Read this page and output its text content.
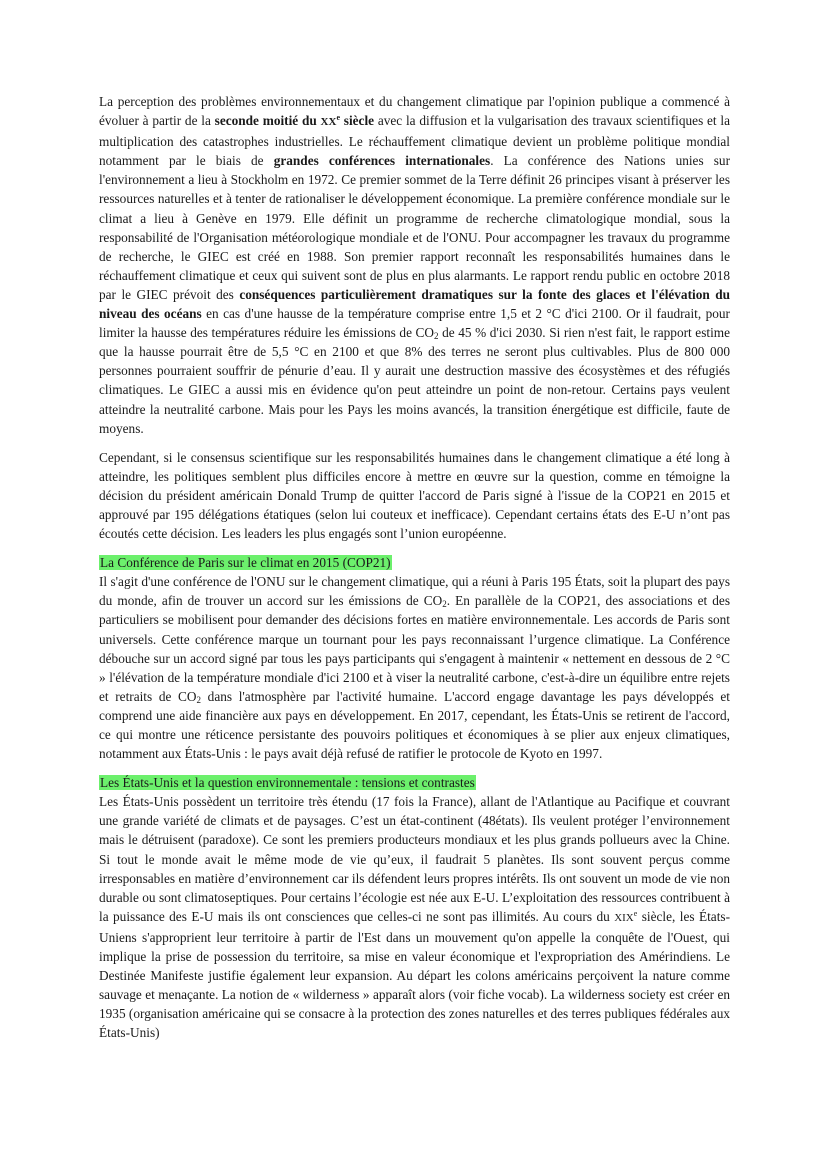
La perception des problèmes environnementaux et du changement climatique par l'opinion publique a commencé à évoluer à partir de la seconde moitié du XXe siècle avec la diffusion et la vulgarisation des travaux scientifiques et la multiplication des catastrophes industrielles. Le réchauffement climatique devient un problème politique mondial notamment par le biais de grandes conférences internationales. La conférence des Nations unies sur l'environnement a lieu à Stockholm en 1972. Ce premier sommet de la Terre définit 26 principes visant à préserver les ressources naturelles et à tenter de rationaliser le développement économique. La première conférence mondiale sur le climat a lieu à Genève en 1979. Elle définit un programme de recherche climatologique mondial, sous la responsabilité de l'Organisation météorologique mondiale et de l'ONU. Pour accompagner les travaux du programme de recherche, le GIEC est créé en 1988. Son premier rapport reconnaît les responsabilités humaines dans le réchauffement climatique et ceux qui suivent sont de plus en plus alarmants. Le rapport rendu public en octobre 2018 par le GIEC prévoit des conséquences particulièrement dramatiques sur la fonte des glaces et l'élévation du niveau des océans en cas d'une hausse de la température comprise entre 1,5 et 2 °C d'ici 2100. Or il faudrait, pour limiter la hausse des températures réduire les émissions de $CO_2$ de 45 % d'ici 2030. Si rien n'est fait, le rapport estime que la hausse pourrait être de 5,5 °C en 2100 et que 8% des terres ne seront plus cultivables. Plus de 800 000 personnes pourraient souffrir de pénurie d’eau. Il y aurait une destruction massive des écosystèmes et des réfugiés climatiques. Le GIEC a aussi mis en évidence qu'on peut atteindre un point de non-retour. Certains pays veulent atteindre la neutralité carbone. Mais pour les Pays les moins avancés, la transition énergétique est difficile, faute de moyens.

Cependant, si le consensus scientifique sur les responsabilités humaines dans le changement climatique a été long à atteindre, les politiques semblent plus difficiles encore à mettre en œuvre sur la question, comme en témoigne la décision du président américain Donald Trump de quitter l'accord de Paris signé à l'issue de la COP21 en 2015 et approuvé par 195 délégations étatiques (selon lui couteux et inefficace). Cependant certains états des E-U n’ont pas écoutés cette décision. Les leaders les plus engagés sont l’union européenne.

La Conférence de Paris sur le climat en 2015 (COP21)

Il s'agit d'une conférence de l'ONU sur le changement climatique, qui a réuni à Paris 195 États, soit la plupart des pays du monde, afin de trouver un accord sur les émissions de $CO_2$. En parallèle de la COP21, des associations et des particuliers se mobilisent pour demander des décisions fortes en matière environnementale. Les accords de Paris sont universels. Cette conférence marque un tournant pour les pays reconnaissant l’urgence climatique. La Conférence débouche sur un accord signé par tous les pays participants qui s'engagent à maintenir « nettement en dessous de 2 °C » l'élévation de la température mondiale d'ici 2100 et à viser la neutralité carbone, c'est-à-dire un équilibre entre rejets et retraits de $CO_2$ dans l'atmosphère par l'activité humaine. L'accord engage davantage les pays développés et comprend une aide financière aux pays en développement. En 2017, cependant, les États-Unis se retirent de l'accord, ce qui montre une réticence persistante des pouvoirs politiques et économiques à se plier aux enjeux climatiques, notamment aux États-Unis : le pays avait déjà refusé de ratifier le protocole de Kyoto en 1997.

Les États-Unis et la question environnementale : tensions et contrastes

Les États-Unis possèdent un territoire très étendu (17 fois la France), allant de l'Atlantique au Pacifique et couvrant une grande variété de climats et de paysages. C’est un état-continent (48états). Ils veulent protéger l’environnement mais le détruisent (paradoxe). Ce sont les premiers producteurs mondiaux et les plus grands pollueurs avec la Chine. Si tout le monde avait le même mode de vie qu’eux, il faudrait 5 planètes. Ils sont souvent perçus comme irresponsables en matière d’environnement car ils défendent leurs propres intérêts. Ils ont souvent un mode de vie non durable ou sont climatoseptiques. Pour certains l’écologie est née aux E-U. L’exploitation des ressources contribuent à la puissance des E-U mais ils ont consciences que celles-ci ne sont pas illimités. Au cours du XIXe siècle, les États-Uniens s'approprient leur territoire à partir de l'Est dans un mouvement qu'on appelle la conquête de l'Ouest, qui implique la prise de possession du territoire, sa mise en valeur économique et l'expropriation des Amérindiens. Le Destinée Manifeste justifie également leur expansion. Au départ les colons américains perçoivent la nature comme sauvage et menaçante. La notion de « wilderness » apparaît alors (voir fiche vocab). La wilderness society est créer en 1935 (organisation américaine qui se consacre à la protection des zones naturelles et des terres publiques fédérales aux États-Unis)
